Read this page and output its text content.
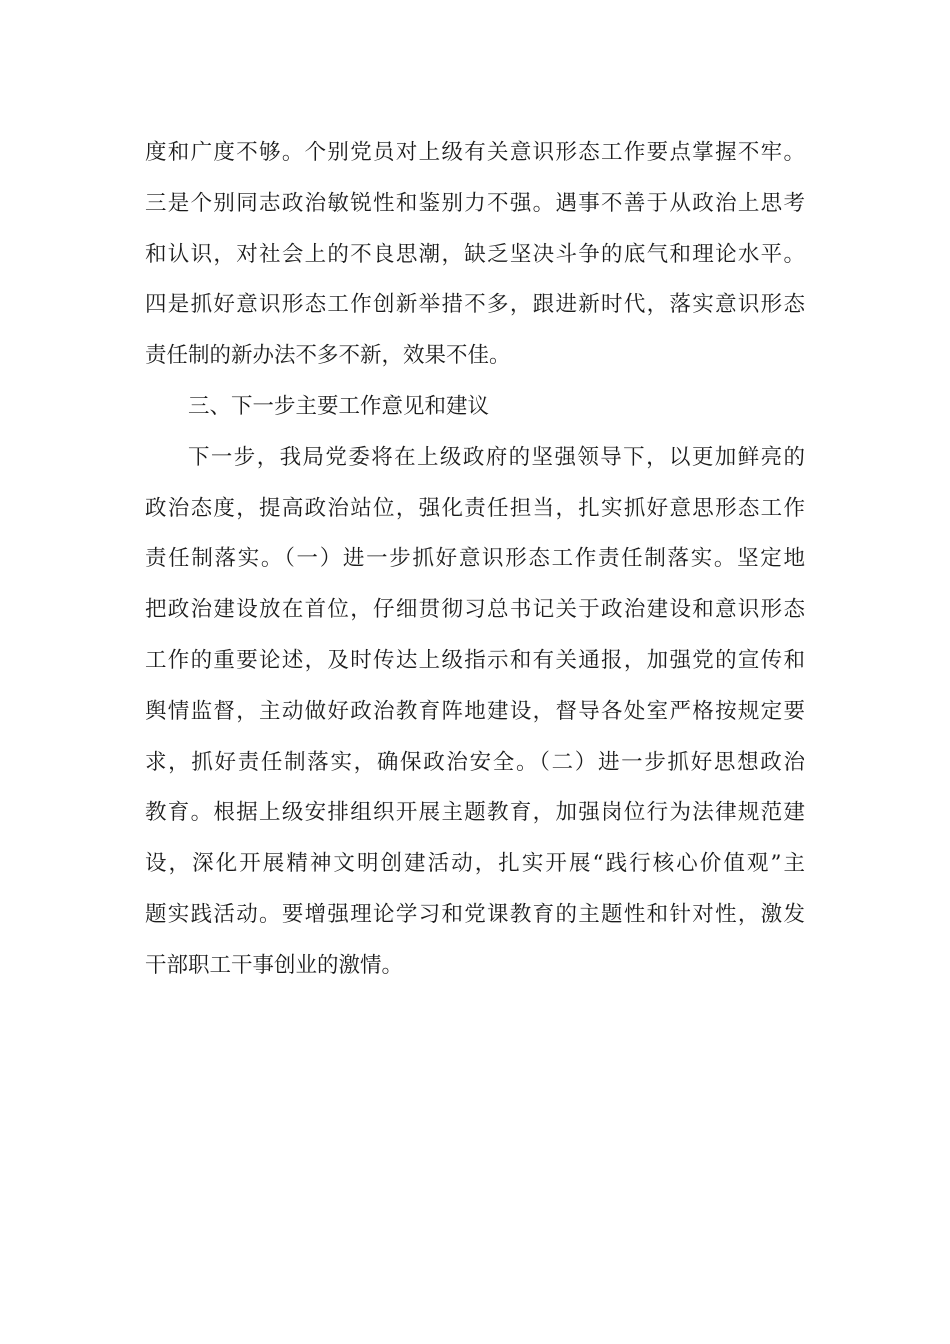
度和广度不够。个别党员对上级有关意识形态工作要点掌握不牢。
三是个别同志政治敏锐性和鉴别力不强。遇事不善于从政治上思考
和认识，对社会上的不良思潮，缺乏坚决斗争的底气和理论水平。
四是抓好意识形态工作创新举措不多，跟进新时代，落实意识形态
责任制的新办法不多不新，效果不佳。
三、下一步主要工作意见和建议
下一步，我局党委将在上级政府的坚强领导下，以更加鲜亮的
政治态度，提高政治站位，强化责任担当，扎实抓好意思形态工作
责任制落实。（一）进一步抓好意识形态工作责任制落实。坚定地
把政治建设放在首位，仔细贯彻习总书记关于政治建设和意识形态
工作的重要论述，及时传达上级指示和有关通报，加强党的宣传和
舆情监督，主动做好政治教育阵地建设，督导各处室严格按规定要
求，抓好责任制落实，确保政治安全。（二）进一步抓好思想政治
教育。根据上级安排组织开展主题教育，加强岗位行为法律规范建
设，深化开展精神文明创建活动，扎实开展“践行核心价值观”主
题实践活动。要增强理论学习和党课教育的主题性和针对性，激发
干部职工干事创业的激情。
